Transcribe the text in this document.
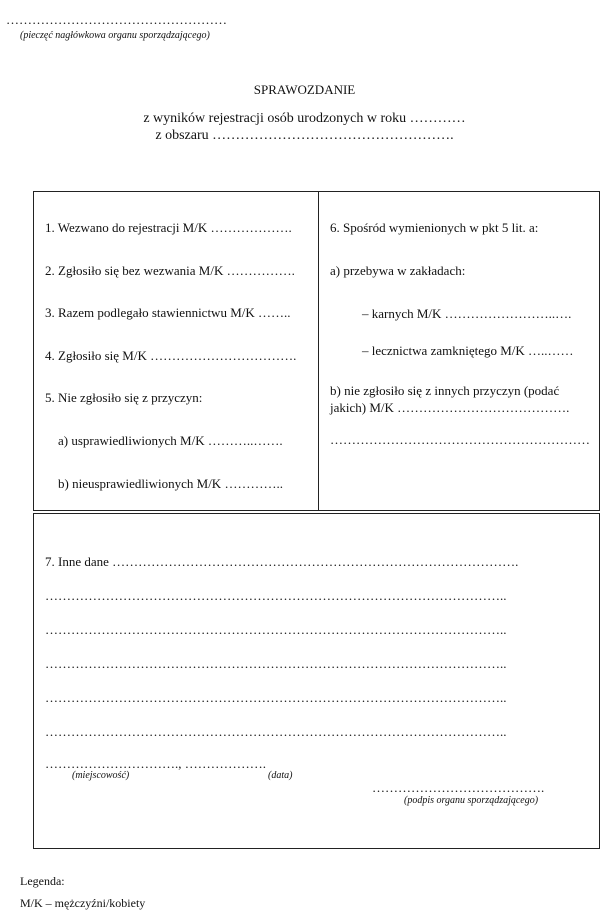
……………………………………………
(pieczęć nagłówkowa organu sporządzającego)
SPRAWOZDANIE
z wyników rejestracji osób urodzonych w roku …………
z obszaru …………………………………………….
1. Wezwano do rejestracji M/K ……………….
2. Zgłosiło się bez wezwania M/K …………….
3. Razem podlegało stawiennictwu M/K ……..
4. Zgłosiło się M/K …………………………….
5. Nie zgłosiło się z przyczyn:
a) usprawiedliwionych M/K ………..…….
b) nieusprawiedliwionych M/K …………..
6. Spośród wymienionych w pkt 5 lit. a:
a) przebywa w zakładach:
– karnych M/K ……………………..….
– lecznictwa zamkniętego M/K …..……
b) nie zgłosiło się z innych przyczyn (podać
jakich) M/K ………………………………….
……………………………………………………
7. Inne dane ………………………………………………………………………………….
……………………………………………………………………………………………..
……………………………………………………………………………………………..
……………………………………………………………………………………………..
……………………………………………………………………………………………..
……………………………………………………………………………………………..
…………………………., ……………….
(miejscowość)	(data)
………………………………….
(podpis organu sporządzającego)
Legenda:
M/K – mężczyźni/kobiety
